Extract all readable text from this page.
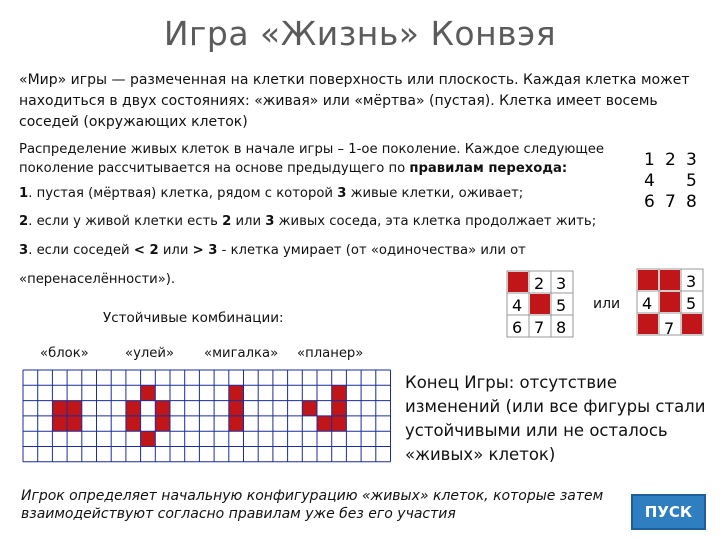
Игра «Жизнь» Конвэя
«Мир» игры — размеченная на клетки поверхность или плоскость. Каждая клетка может находиться в двух состояниях: «живая» или «мёртва» (пустая). Клетка имеет восемь соседей (окружающих клеток)
Распределение живых клеток в начале игры – 1-ое поколение. Каждое следующее поколение рассчитывается на основе предыдущего по правилам перехода:
1. пустая (мёртвая) клетка, рядом с которой 3 живые клетки, оживает;
2. если у живой клетки есть 2 или 3 живых соседа, эта клетка продолжает жить;
3. если соседей < 2 или > 3 - клетка умирает (от «одиночества» или от
«перенаселённости»).
Устойчивые комбинации:
«блок»	«улей» «мигалка» «планер»
или
1 2 3
4 5
6 7 8
2 3
4 5
6 7 8
3
4 5
7
Конец Игры: отсутствие изменений (или все фигуры стали устойчивыми или не осталось «живых» клеток)
Игрок определяет начальную конфигурацию «живых» клеток, которые затем взаимодействуют согласно правилам уже без его участия	ПУСК
